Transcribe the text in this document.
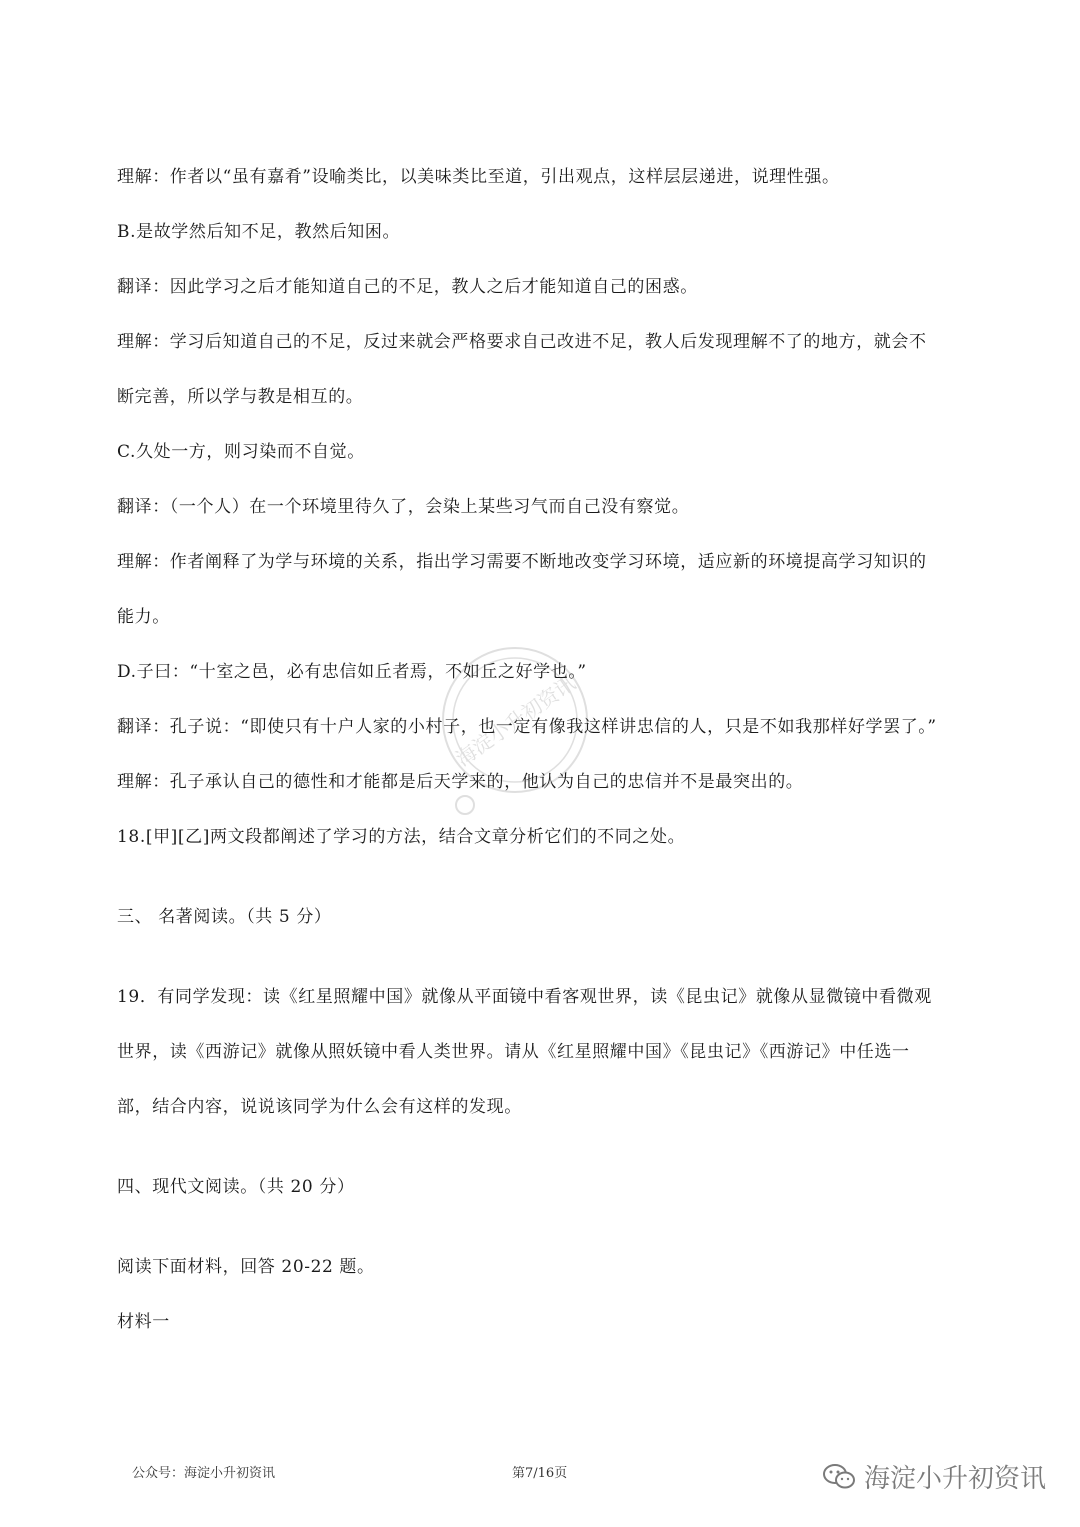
理解：作者以“虽有嘉肴”设喻类比，以美味类比至道，引出观点，这样层层递进，说理性强。
B.是故学然后知不足，教然后知困。
翻译：因此学习之后才能知道自己的不足，教人之后才能知道自己的困惑。
理解：学习后知道自己的不足，反过来就会严格要求自己改进不足，教人后发现理解不了的地方，就会不
断完善，所以学与教是相互的。
C.久处一方，则习染而不自觉。
翻译：（一个人）在一个环境里待久了，会染上某些习气而自己没有察觉。
理解：作者阐释了为学与环境的关系，指出学习需要不断地改变学习环境，适应新的环境提高学习知识的
能力。
D.子曰：“十室之邑，必有忠信如丘者焉，不如丘之好学也。”
翻译：孔子说：“即使只有十户人家的小村子，也一定有像我这样讲忠信的人，只是不如我那样好学罢了。”
理解：孔子承认自己的德性和才能都是后天学来的，他认为自己的忠信并不是最突出的。
18.[甲][乙]两文段都阐述了学习的方法，结合文章分析它们的不同之处。
三、 名著阅读。（共 5 分）
19．有同学发现：读《红星照耀中国》就像从平面镜中看客观世界，读《昆虫记》就像从显微镜中看微观
世界，读《西游记》就像从照妖镜中看人类世界。请从《红星照耀中国》《昆虫记》《西游记》中任选一
部，结合内容，说说该同学为什么会有这样的发现。
四、现代文阅读。（共 20 分）
阅读下面材料，回答 20-22 题。
材料一
海淀小升初资讯
公众号：海淀小升初资讯	第7/16页	海淀小升初资讯
